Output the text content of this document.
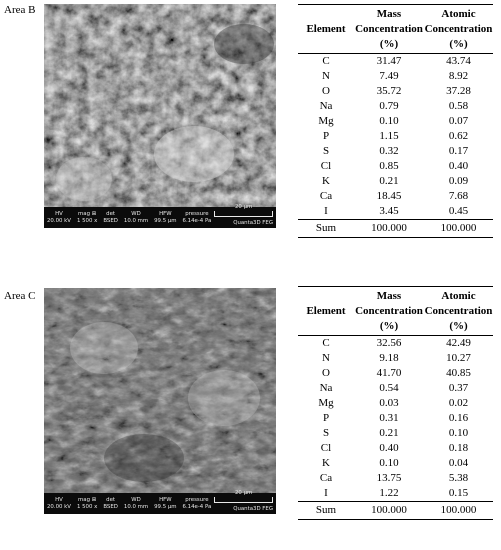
Area B
HV
20.00 kV
mag ⊞
1 500 x
det
BSED
WD
10.0 mm
HFW
99.5 µm
pressure
6.14e-4 Pa
20 µm
Quanta3D FEG
Element	Mass Concentration (%)	Atomic Concentration (%)
C	31.47	43.74
N	7.49	8.92
O	35.72	37.28
Na	0.79	0.58
Mg	0.10	0.07
P	1.15	0.62
S	0.32	0.17
Cl	0.85	0.40
K	0.21	0.09
Ca	18.45	7.68
I	3.45	0.45
Sum	100.000	100.000
Area C
HV
20.00 kV
mag ⊞
1 500 x
det
BSED
WD
10.0 mm
HFW
99.5 µm
pressure
6.14e-4 Pa
20 µm
Quanta3D FEG
Element	Mass Concentration (%)	Atomic Concentration (%)
C	32.56	42.49
N	9.18	10.27
O	41.70	40.85
Na	0.54	0.37
Mg	0.03	0.02
P	0.31	0.16
S	0.21	0.10
Cl	0.40	0.18
K	0.10	0.04
Ca	13.75	5.38
I	1.22	0.15
Sum	100.000	100.000
